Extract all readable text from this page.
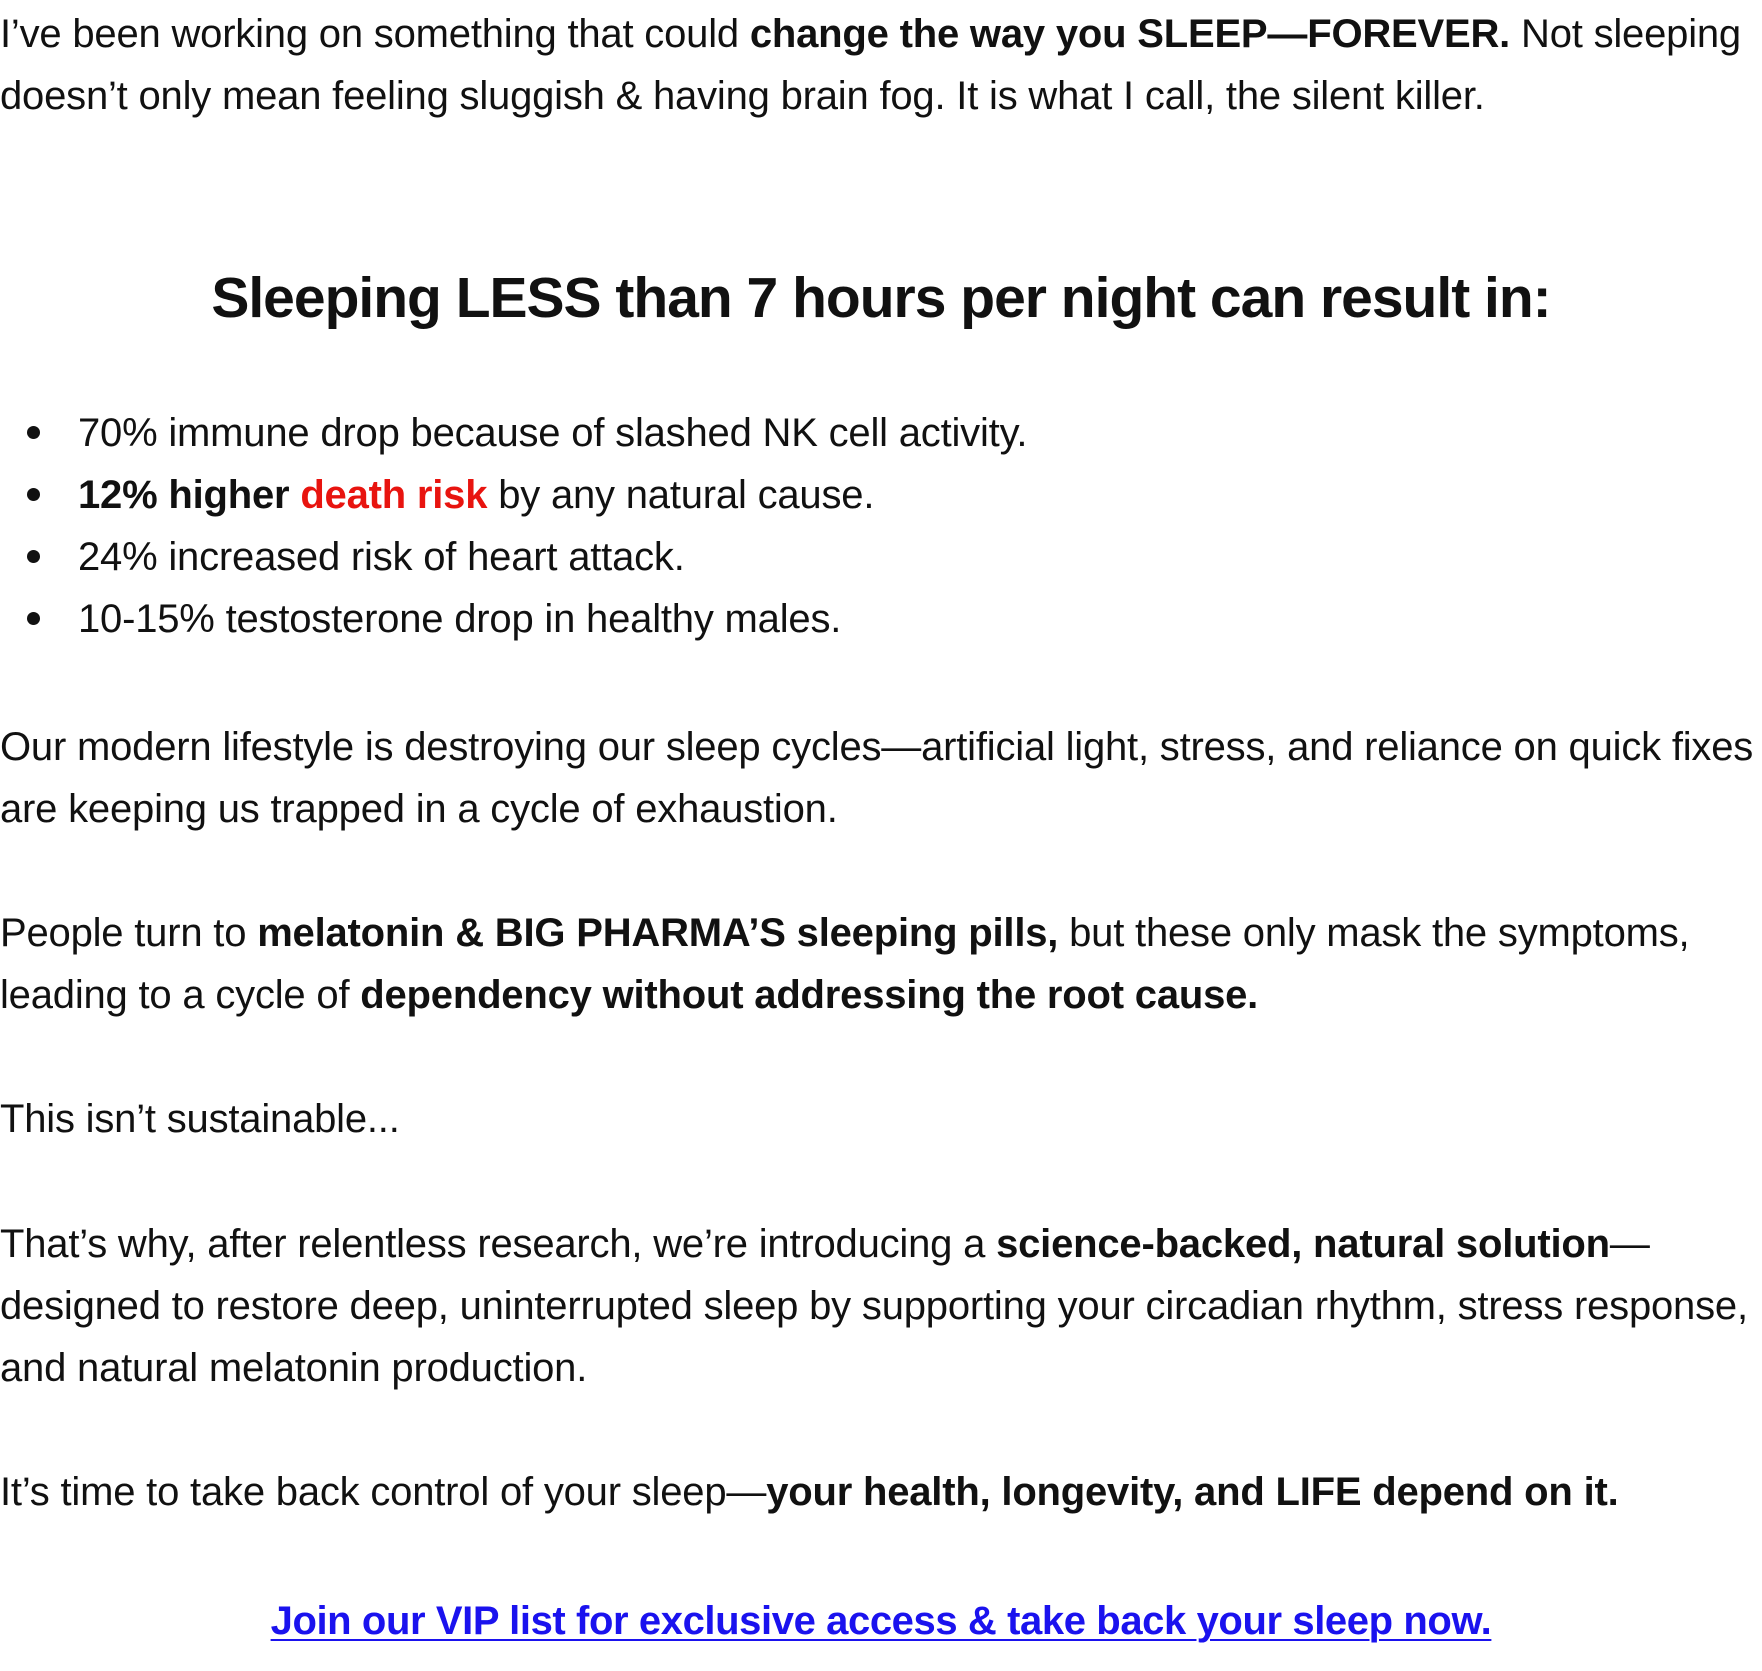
I’ve been working on something that could change the way you SLEEP—FOREVER. Not sleeping doesn’t only mean feeling sluggish & having brain fog. It is what I call, the silent killer.

Sleeping LESS than 7 hours per night can result in:
70% immune drop because of slashed NK cell activity.
12% higher death risk by any natural cause.
24% increased risk of heart attack.
10-15% testosterone drop in healthy males.

Our modern lifestyle is destroying our sleep cycles—artificial light, stress, and reliance on quick fixes are keeping us trapped in a cycle of exhaustion.

People turn to melatonin & BIG PHARMA’S sleeping pills, but these only mask the symptoms, leading to a cycle of dependency without addressing the root cause.

This isn’t sustainable...

That’s why, after relentless research, we’re introducing a science-backed, natural solution—designed to restore deep, uninterrupted sleep by supporting your circadian rhythm, stress response, and natural melatonin production.

It’s time to take back control of your sleep—your health, longevity, and LIFE depend on it.

Join our VIP list for exclusive access & take back your sleep now.
